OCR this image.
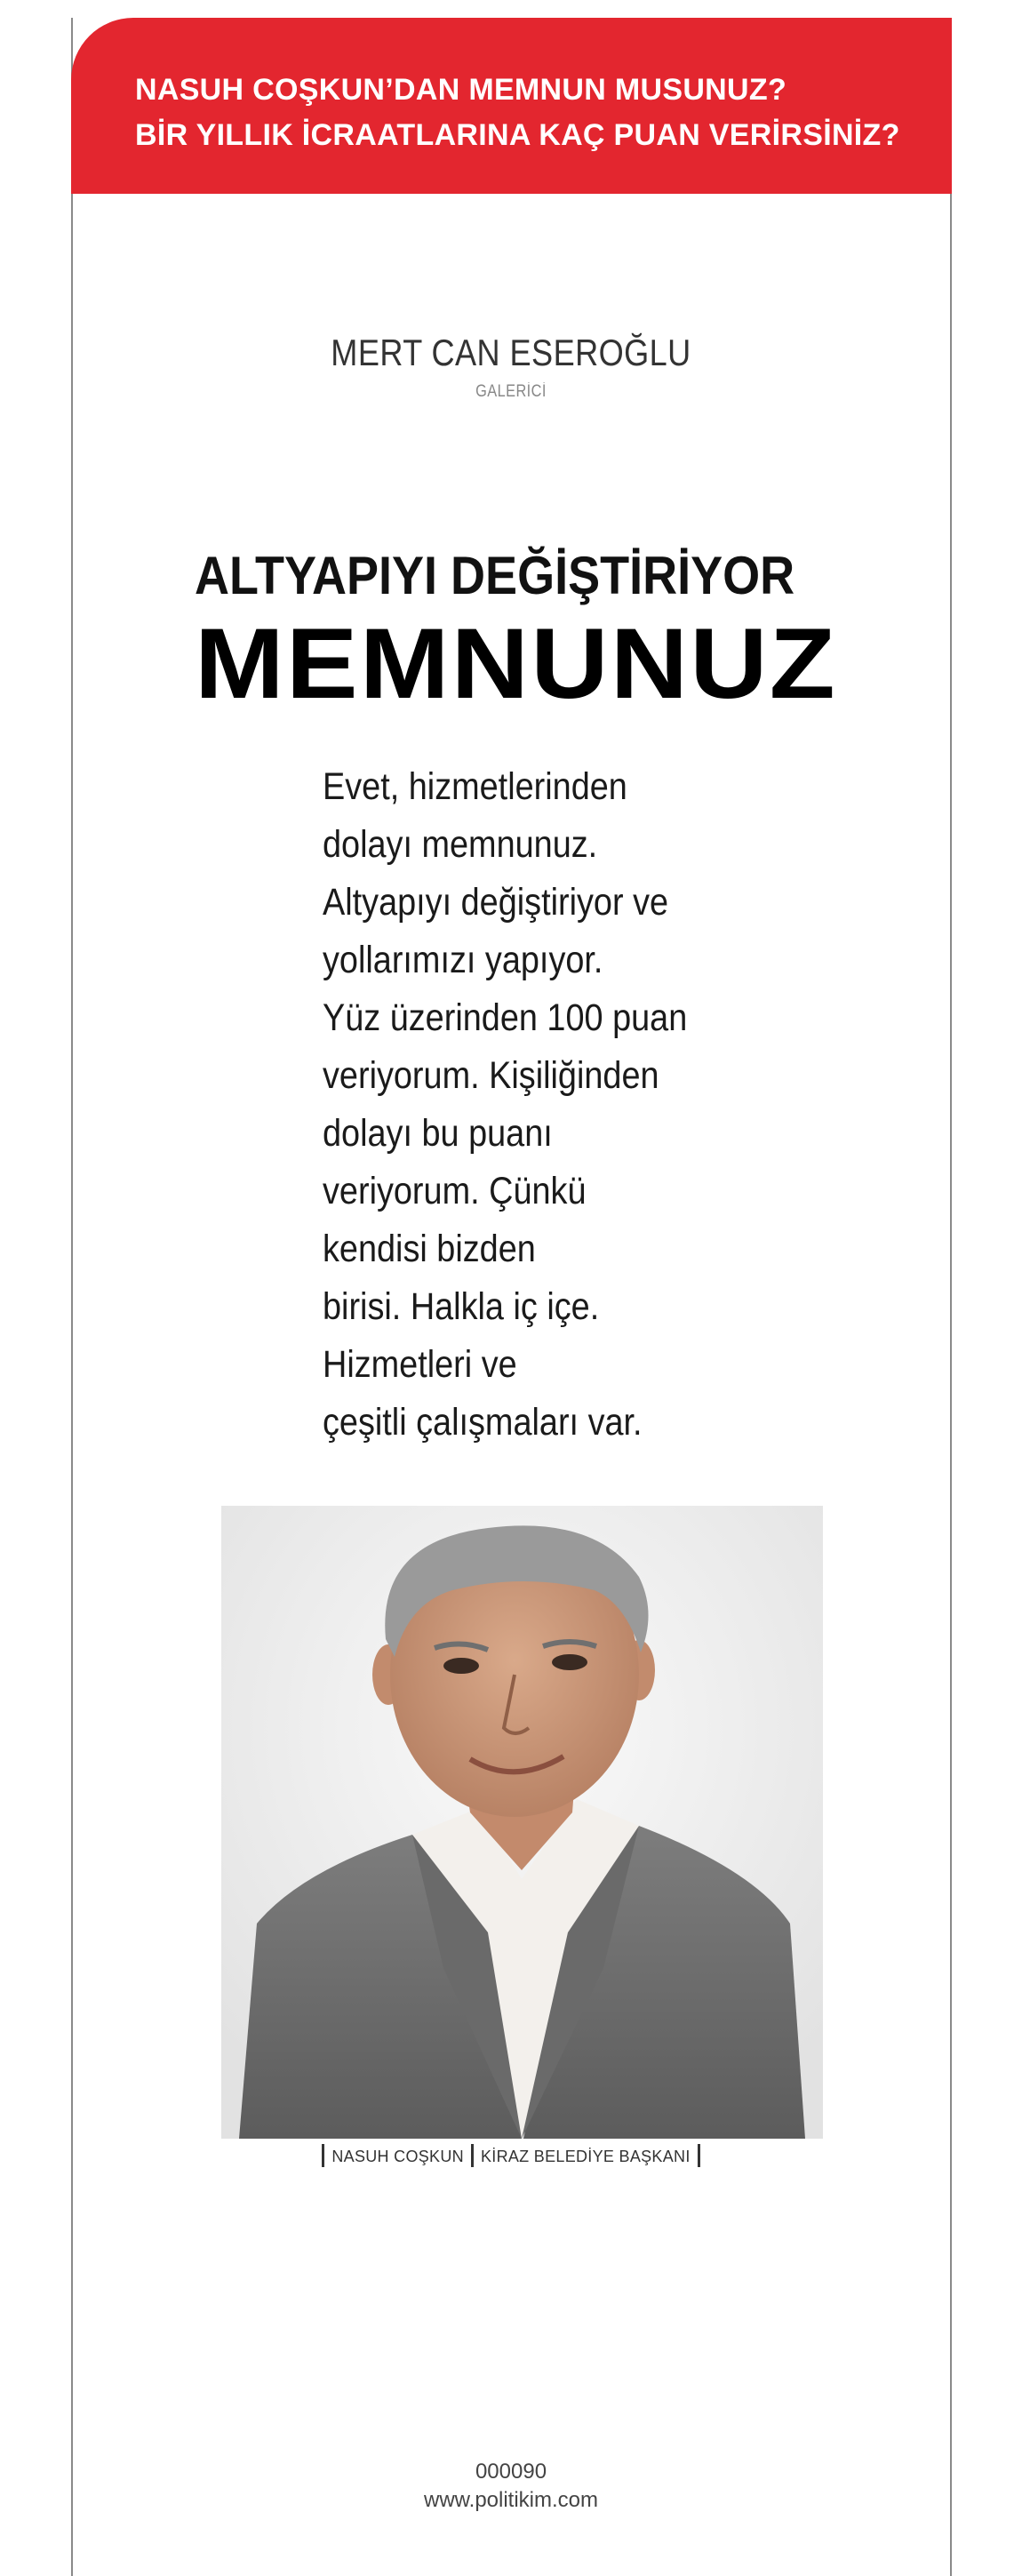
NASUH COŞKUN’DAN MEMNUN MUSUNUZ?
BİR YILLIK İCRAATLARINA KAÇ PUAN VERİRSİNİZ?
MERT CAN ESEROĞLU
GALERİCİ
ALTYAPIYI DEĞİŞTİRİYOR
MEMNUNUZ
Evet, hizmetlerinden
dolayı memnunuz.
Altyapıyı değiştiriyor ve
yollarımızı yapıyor.
Yüz üzerinden 100 puan
veriyorum. Kişiliğinden
dolayı bu puanı
veriyorum. Çünkü
kendisi bizden
birisi. Halkla iç içe.
Hizmetleri ve
çeşitli çalışmaları var.
NASUH COŞKUN KİRAZ BELEDİYE BAŞKANI
000090
www.politikim.com
